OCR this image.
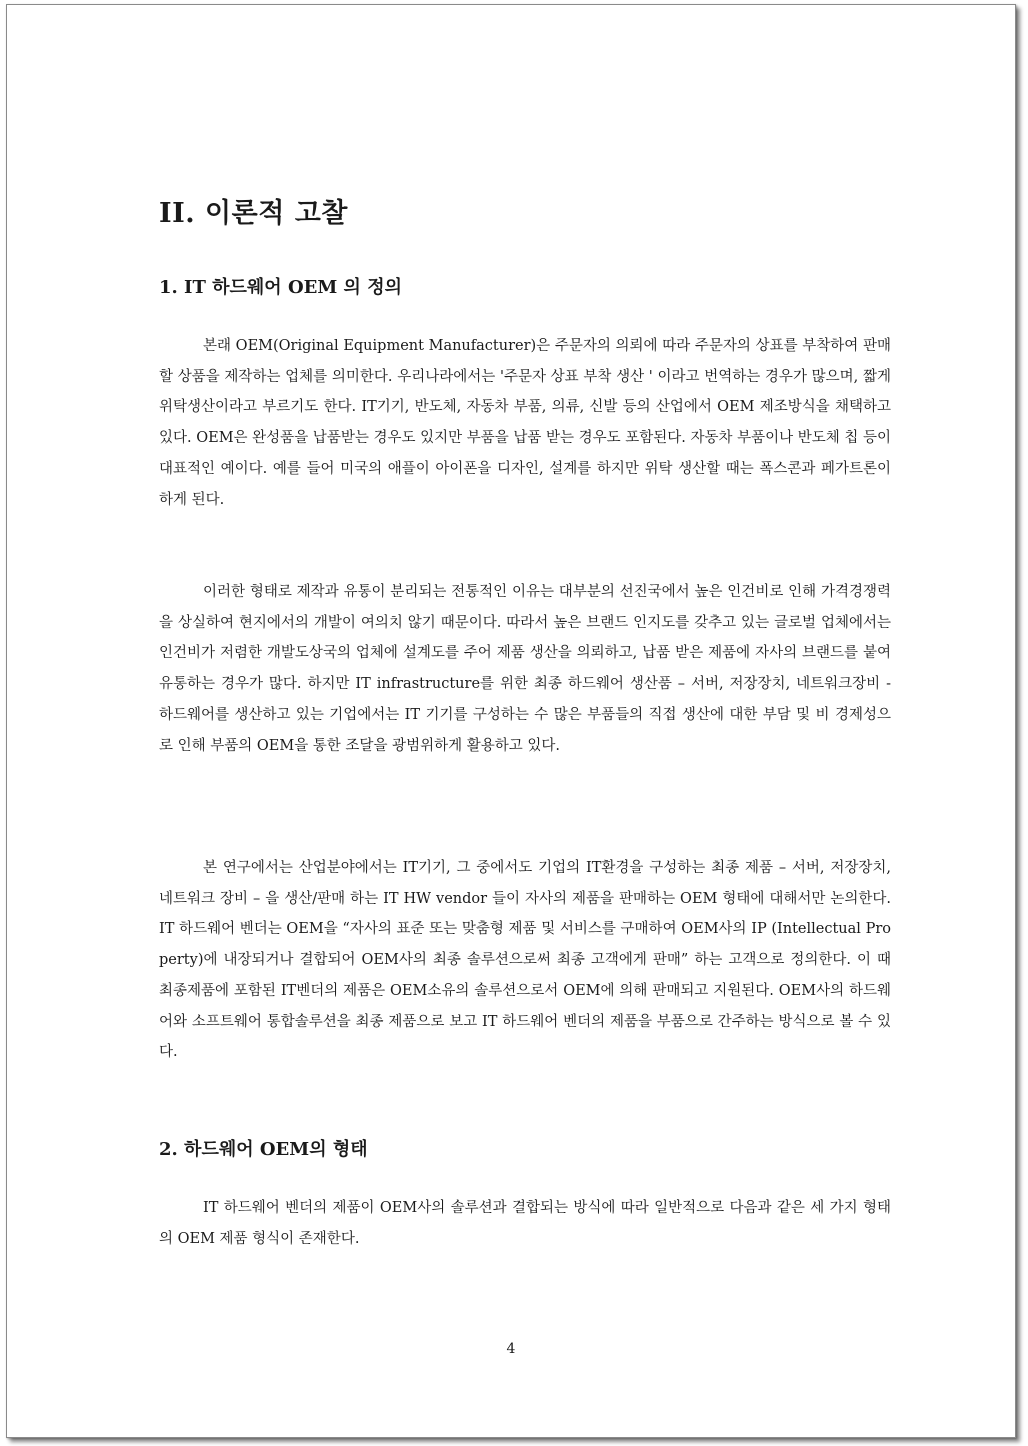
II. 이론적 고찰
1. IT 하드웨어 OEM 의 정의

본래 OEM(Original Equipment Manufacturer)은 주문자의 의뢰에 따라 주문자의 상표를 부착하여 판매할 상품을 제작하는 업체를 의미한다. 우리나라에서는 '주문자 상표 부착 생산 ' 이라고 번역하는 경우가 많으며, 짧게 위탁생산이라고 부르기도 한다. IT기기, 반도체, 자동차 부품, 의류, 신발 등의 산업에서 OEM 제조방식을 채택하고 있다. OEM은 완성품을 납품받는 경우도 있지만 부품을 납품 받는 경우도 포함된다. 자동차 부품이나 반도체 칩 등이 대표적인 예이다. 예를 들어 미국의 애플이 아이폰을 디자인, 설계를 하지만 위탁 생산할 때는 폭스콘과 페가트론이 하게 된다.

이러한 형태로 제작과 유통이 분리되는 전통적인 이유는 대부분의 선진국에서 높은 인건비로 인해 가격경쟁력을 상실하여 현지에서의 개발이 여의치 않기 때문이다. 따라서 높은 브랜드 인지도를 갖추고 있는 글로벌 업체에서는 인건비가 저렴한 개발도상국의 업체에 설계도를 주어 제품 생산을 의뢰하고, 납품 받은 제품에 자사의 브랜드를 붙여 유통하는 경우가 많다. 하지만 IT infrastructure를 위한 최종 하드웨어 생산품 – 서버, 저장장치, 네트워크장비 - 하드웨어를 생산하고 있는 기업에서는 IT 기기를 구성하는 수 많은 부품들의 직접 생산에 대한 부담 및 비 경제성으로 인해 부품의 OEM을 통한 조달을 광범위하게 활용하고 있다.

본 연구에서는 산업분야에서는 IT기기, 그 중에서도 기업의 IT환경을 구성하는 최종 제품 – 서버, 저장장치, 네트워크 장비 – 을 생산/판매 하는 IT HW vendor 들이 자사의 제품을 판매하는 OEM 형태에 대해서만 논의한다. IT 하드웨어 벤더는 OEM을 “자사의 표준 또는 맞춤형 제품 및 서비스를 구매하여 OEM사의 IP (Intellectual Property)에 내장되거나 결합되어 OEM사의 최종 솔루션으로써 최종 고객에게 판매” 하는 고객으로 정의한다. 이 때 최종제품에 포함된 IT벤더의 제품은 OEM소유의 솔루션으로서 OEM에 의해 판매되고 지원된다. OEM사의 하드웨어와 소프트웨어 통합솔루션을 최종 제품으로 보고 IT 하드웨어 벤더의 제품을 부품으로 간주하는 방식으로 볼 수 있다.

2. 하드웨어 OEM의 형태

IT 하드웨어 벤더의 제품이 OEM사의 솔루션과 결합되는 방식에 따라 일반적으로 다음과 같은 세 가지 형태의 OEM 제품 형식이 존재한다.

4
